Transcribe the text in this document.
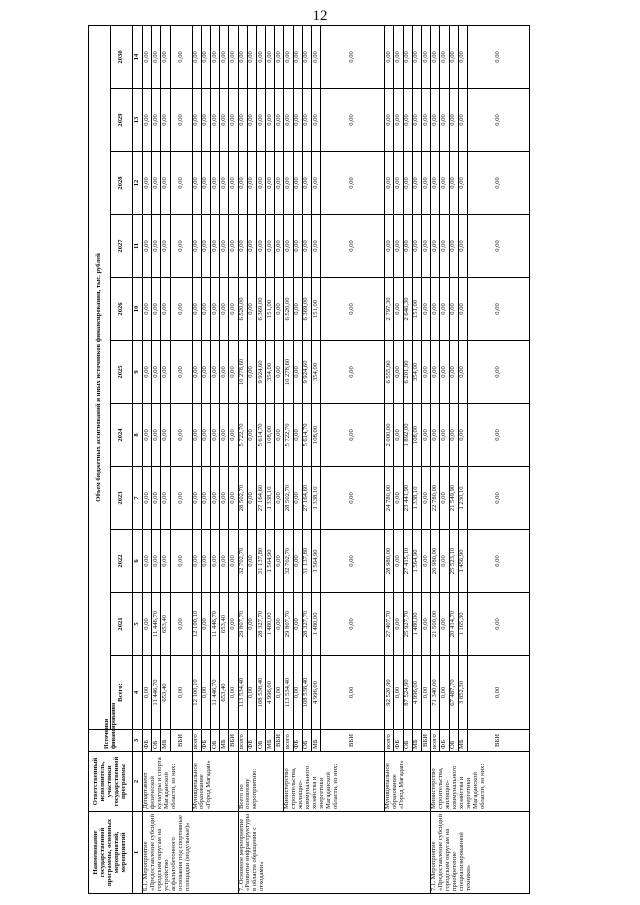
12
Наименование государственной программы, основных мероприятий, мероприятий	Ответственный исполнитель, участники государственной программы	Источники финансирования	Объем бюджетных ассигнований и иных источников финансирования, тыс. рублей										
			Всего:	2021	2022	2023	2024	2025	2026	2027	2028	2029	2030
1	2	3	4	5	6	7	8	9	10	11	12	13	14
6.1. Мероприятие «Предоставление субсидий городским округам на устройство асфальтобетонного основания под спортивные площадки (модульные)»	Департамент физической культуры и спорта Магаданской области, из них:	ФБ	0,00	0,00	0,00	0,00	0,00	0,00	0,00	0,00	0,00	0,00	0,00
		ОБ	11 446,70	11 446,70	0,00	0,00	0,00	0,00	0,00	0,00	0,00	0,00	0,00
		МБ	653,40	653,40	0,00	0,00	0,00	0,00	0,00	0,00	0,00	0,00	0,00
		ВБИ	0,00	0,00	0,00	0,00	0,00	0,00	0,00	0,00	0,00	0,00	0,00
	Муниципальное образование «Город Магадан»	всего	12 100,10	12 100,10	0,00	0,00	0,00	0,00	0,00	0,00	0,00	0,00	0,00
		ФБ	0,00	0,00	0,00	0,00	0,00	0,00	0,00	0,00	0,00	0,00	0,00
		ОБ	11 446,70	11 446,70	0,00	0,00	0,00	0,00	0,00	0,00	0,00	0,00	0,00
		МБ	653,40	653,40	0,00	0,00	0,00	0,00	0,00	0,00	0,00	0,00	0,00
		ВБИ	0,00	0,00	0,00	0,00	0,00	0,00	0,00	0,00	0,00	0,00	0,00
7. Основное мероприятие «Развитие инфраструктуры в области обращения с отходами»	Всего по основному мероприятию:	всего	113 534,40	29 807,70	32 702,70	28 502,70	5 722,70	10 278,60	6 520,00	0,00	0,00	0,00	0,00
		ФБ	0,00	0,00	0,00	0,00	0,00	0,00	0,00	0,00	0,00	0,00	0,00
		ОБ	108 538,40	28 327,70	31 137,80	27 164,60	5 614,70	9 924,60	6 369,00	0,00	0,00	0,00	0,00
		МБ	4 996,00	1 480,00	1 564,90	1 338,10	108,00	354,00	151,00	0,00	0,00	0,00	0,00
		ВБИ	0,00	0,00	0,00	0,00	0,00	0,00	0,00	0,00	0,00	0,00	0,00
	Министерство строительства, жилищно-коммунального хозяйства и энергетики Магаданской области, из них:	всего	113 534,40	29 807,70	32 702,70	28 502,70	5 722,70	10 278,60	6 520,00	0,00	0,00	0,00	0,00
		ФБ	0,00	0,00	0,00	0,00	0,00	0,00	0,00	0,00	0,00	0,00	0,00
		ОБ	108 538,40	28 327,70	31 137,80	27 164,60	5 614,70	9 924,60	6 369,00	0,00	0,00	0,00	0,00
		МБ	4 996,00	1 480,00	1 564,90	1 338,10	108,00	354,00	151,00	0,00	0,00	0,00	0,00
		ВБИ	0,00	0,00	0,00	0,00	0,00	0,00	0,00	0,00	0,00	0,00	0,00
	Муниципальное образование «Город Магадан»	всего	92 520,90	27 407,70	28 980,00	24 780,00	2 000,00	6 555,90	2 797,30	0,00	0,00	0,00	0,00
		ФБ	0,00	0,00	0,00	0,00	0,00	0,00	0,00	0,00	0,00	0,00	0,00
		ОБ	87 524,90	25 927,70	27 415,10	23 441,90	1 892,00	6 201,90	2 646,30	0,00	0,00	0,00	0,00
		МБ	4 996,00	1 480,00	1 564,90	1 338,10	108,00	354,00	151,00	0,00	0,00	0,00	0,00
		ВБИ	0,00	0,00	0,00	0,00	0,00	0,00	0,00	0,00	0,00	0,00	0,00
7.1. Мероприятие «Предоставление субсидий городским округам на приобретение специализированной техники»	Министерство строительства, жилищно-коммунального хозяйства и энергетики Магаданской области, из них:	всего	71 340,00	21 500,00	26 980,00	22 780,00	0,00	0,00	0,00	0,00	0,00	0,00	0,00
		ФБ	0,00	0,00	0,00	0,00	0,00	0,00	0,00	0,00	0,00	0,00	0,00
		ОБ	67 487,70	20 414,70	25 523,10	21 549,90	0,00	0,00	0,00	0,00	0,00	0,00	0,00
		МБ	3 852,30	1 165,30	1 456,90	1 230,10	0,00	0,00	0,00	0,00	0,00	0,00	0,00
		ВБИ	0,00	0,00	0,00	0,00	0,00	0,00	0,00	0,00	0,00	0,00	0,00
